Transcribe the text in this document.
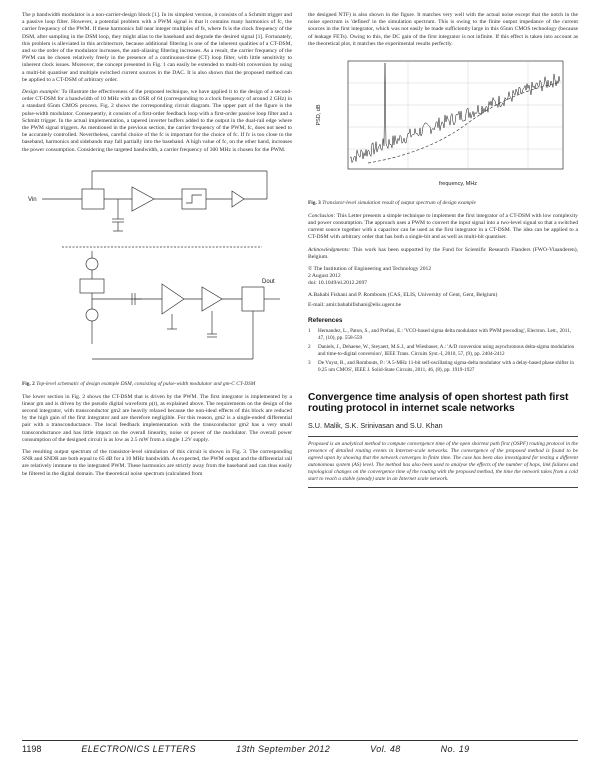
The p bandwidth modulator is a non-carrier-design block [1]. In its simplest version, it consists of a Schmitt trigger and a passive loop filter. However, a potential problem with a PWM signal is that it contains many harmonics of fc, the carrier frequency of the PWM. If these harmonics fall near integer multiples of fs, where fs is the clock frequency of the DSM, after sampling in the DSM loop, they might alias to the baseband and degrade the desired signal [1]. Fortunately, this problem is alleviated in this architecture, because additional filtering is one of the inherent qualities of a CT-DSM, and so the order of the modulator increases, the anti-aliasing filtering increases. As a result, the carrier frequency of the PWM can be chosen relatively freely in the presence of a continuous-time (CT) loop filter, with little sensitivity to inherent clock issues. Moreover, the concept presented in Fig. 1 can easily be extended to multi-bit conversion by using a multi-bit quantiser and multiple switched current sources in the DAC. It is also shown that the proposed method can be applied to a CT-DSM of arbitrary order.

Design example: To illustrate the effectiveness of the proposed technique, we have applied it to the design of a second-order CT-DSM for a bandwidth of 10 MHz with an OSR of 64 (corresponding to a clock frequency of around 2 GHz) in a standard 65nm CMOS process. Fig. 2 shows the corresponding circuit diagram. The upper part of the figure is the pulse-width modulator. Consequently, it consists of a first-order feedback loop with a first-order passive loop filter and a Schmitt trigger. In the actual implementation, a tapered inverter buffers added to the output in the dual-rail edge where the PWM signal triggers. As mentioned in the previous section, the carrier frequency of the PWM, fc, does not need to be accurately controlled. Nevertheless, careful choice of the fc is important for the choice of fc. If fc is too close to the baseband, harmonics and sidebands may fall partially into the baseband. A high value of fc, on the other hand, increases the power consumption. Considering the targeted bandwidth, a carrier frequency of 300 MHz is chosen for the PWM.

Vin
Dout

Fig. 2 Top-level schematic of design example DSM, consisting of pulse-width modulator and gm-C CT-DSM

The lower section in Fig. 2 shows the CT-DSM that is driven by the PWM. The first integrator is implemented by a linear gm and is driven by the pseudo digital waveform p(t), as explained above. The requirements on the design of the second integrator, with transconductor gm2 are heavily relaxed because the non-ideal effects of this block are reduced by the high gain of the first integrator and are therefore negligible. For this reason, gm2 is a single-ended differential pair with a transconductance. The local feedback implementation with the transconductor gm2 has a very small transconductance and has little impact on the overall linearity, noise or power of the modulator. The overall power consumption of the designed circuit is as low as 2.5 mW from a single 1.2V supply.

The resulting output spectrum of the transistor-level simulation of this circuit is shown in Fig. 3. The corresponding SNR and SNDR are both equal to 65 dB for a 10 MHz bandwidth. As expected, the PWM output and the differential rail are relatively immune to the integrated PWM. These harmonics are strictly away from the baseband and can thus easily be filtered in the digital domain. The theoretical noise spectrum (calculated from

the designed NTF) is also shown in the figure. It matches very well with the actual noise except that the notch in the noise spectrum is 'defined' in the simulation spectrum. This is owing to the finite output impedance of the current sources in the first integrator, which was not easily be made sufficiently large in this 65nm CMOS technology (because of leakage FETs). Owing to this, the DC gain of the first integrator is not infinite. If this effect is taken into account as the theoretical plot, it matches the experimental results perfectly.

frequency, MHz
PSD, dB

Fig. 3 Transistor-level simulation result of output spectrum of design example

Conclusion: This Letter presents a simple technique to implement the first integrator of a CT-DSM with low complexity and power consumption. The approach uses a PWM to convert the input signal into a two-level signal so that a switched current source together with a capacitor can be used as the first integrator in a CT-DSM. The idea can be applied to a CT-DSM with arbitrary order that has both a single-bit and as well as multi-bit quantiser.

Acknowledgments: This work has been supported by the Fund for Scientific Research Flanders (FWO-Vlaanderen), Belgium.

© The Institution of Engineering and Technology 2012

2 August 2012

doi: 10.1049/el.2012.2697

A.Bahabi Fishani and P. Rombouts (CAS, ELIS, University of Gent, Gent, Belgium)

E-mail: amir.bahabifishani@elis.ugent.be

References

1	Hernandez, L., Paton, S., and Prefasi, E.: 'VCO-based sigma delta modulator with PWM precoding', Electron. Lett., 2011, 47, (10), pp. 558-559
2	Daniels, J., Dehaene, W., Steyaert, M.S.J., and Wiesbauer, A.: 'A/D conversion using asynchronous delta-sigma modulation and time-to-digital conversion', IEEE Trans. Circuits Syst.-I, 2010, 57, (9), pp. 2404-2412
3	De Vuyst, B., and Rombouts, P.: 'A 5-MHz 11-bit self-oscillating sigma-delta modulator with a delay-based phase shifter in 0.25 um CMOS', IEEE J. Solid-State Circuits, 2011, 46, (8), pp. 1919-1927
Convergence time analysis of open shortest path first routing protocol in internet scale networks

S.U. Malik, S.K. Srinivasan and S.U. Khan

Proposed is an analytical method to compute convergence time of the open shortest path first (OSPF) routing protocol in the presence of detailed routing events in Internet-scale networks. The convergence of the proposed method is found to be agreed upon by showing that the network converges in finite time. The case has been also investigated for testing a different autonomous system (AS) level. The method has also been used to analyse the effects of the number of hops, link failures and topological changes on the convergence time of the routing with the proposed method, the time the network takes from a cold start to reach a stable (steady) state in an Internet scale network.

1198	ELECTRONICS LETTERS	13th September 2012	Vol. 48	No. 19
